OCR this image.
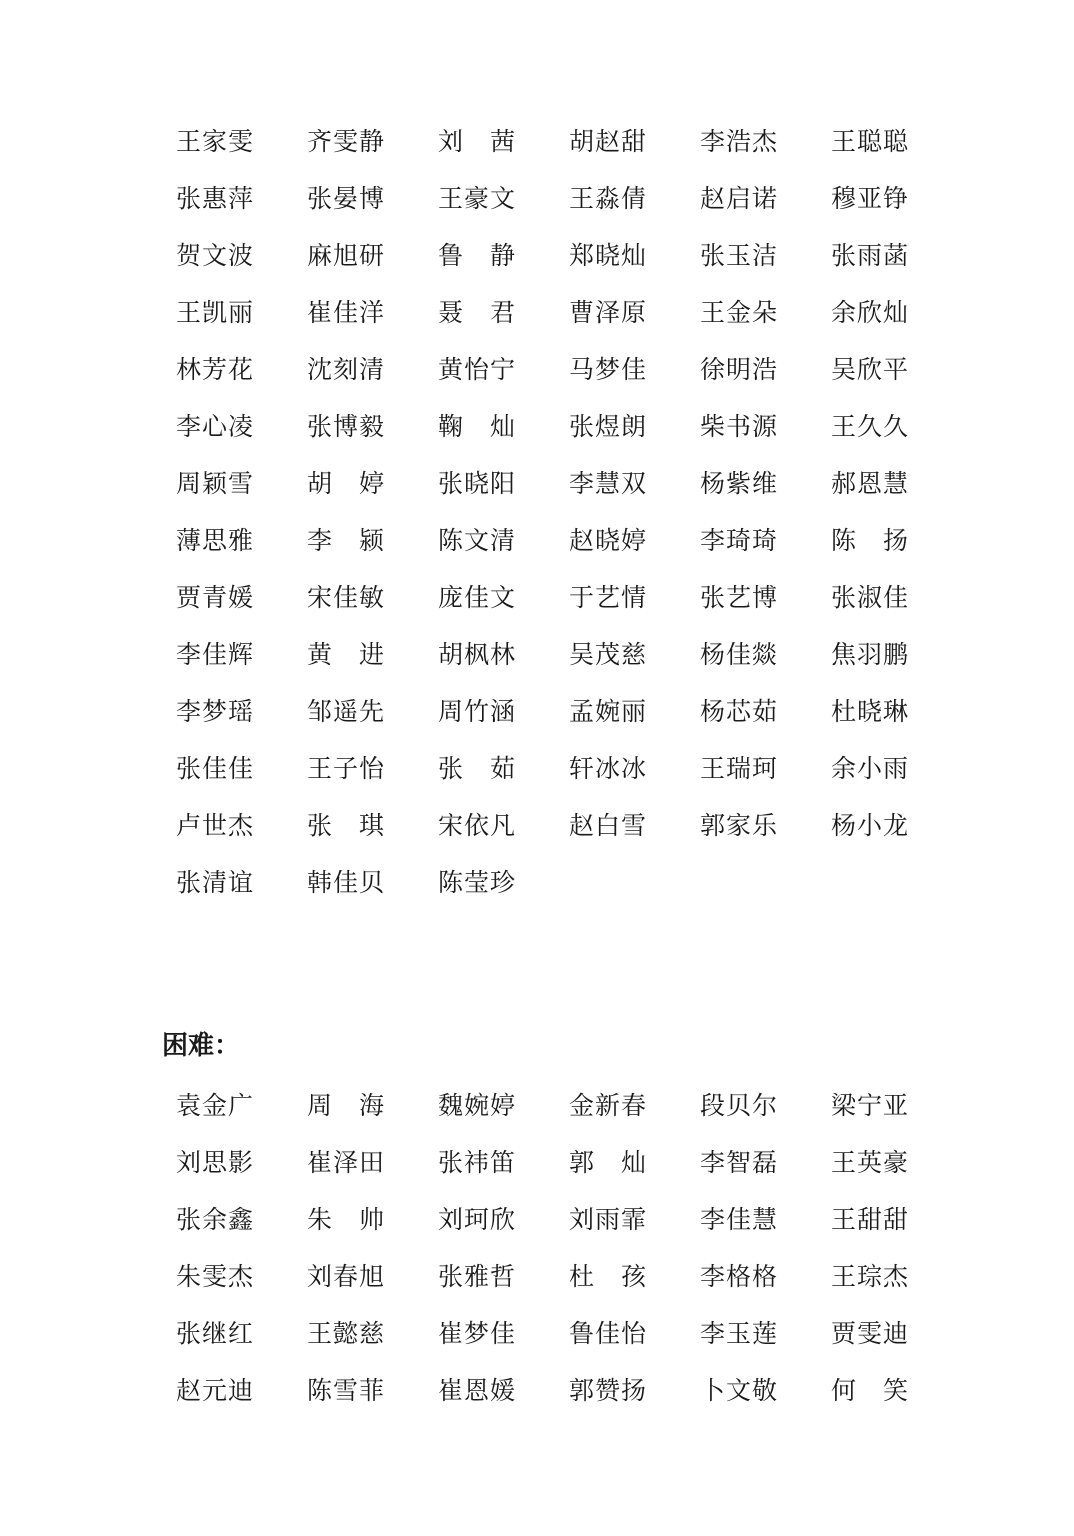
王家雯	齐雯静	刘　茜	胡赵甜	李浩杰	王聪聪
张惠萍	张晏博	王豪文	王淼倩	赵启诺	穆亚铮
贺文波	麻旭研	鲁　静	郑晓灿	张玉洁	张雨菡
王凯丽	崔佳洋	聂　君	曹泽原	王金朵	余欣灿
林芳花	沈刻清	黄怡宁	马梦佳	徐明浩	吴欣平
李心凌	张博毅	鞠　灿	张煜朗	柴书源	王久久
周颖雪	胡　婷	张晓阳	李慧双	杨紫维	郝恩慧
薄思雅	李　颍	陈文清	赵晓婷	李琦琦	陈　扬
贾青媛	宋佳敏	庞佳文	于艺情	张艺博	张淑佳
李佳辉	黄　进	胡枫林	吴茂慈	杨佳燚	焦羽鹏
李梦瑶	邹遥先	周竹涵	孟婉丽	杨芯茹	杜晓琳
张佳佳	王子怡	张　茹	轩冰冰	王瑞珂	余小雨
卢世杰	张　琪	宋依凡	赵白雪	郭家乐	杨小龙
张清谊	韩佳贝	陈莹珍
困难：
袁金广	周　海	魏婉婷	金新春	段贝尔	梁宁亚
刘思影	崔泽田	张祎笛	郭　灿	李智磊	王英豪
张余鑫	朱　帅	刘珂欣	刘雨霏	李佳慧	王甜甜
朱雯杰	刘春旭	张雅哲	杜　孩	李格格	王琮杰
张继红	王懿慈	崔梦佳	鲁佳怡	李玉莲	贾雯迪
赵元迪	陈雪菲	崔恩媛	郭赞扬	卜文敬	何　笑
